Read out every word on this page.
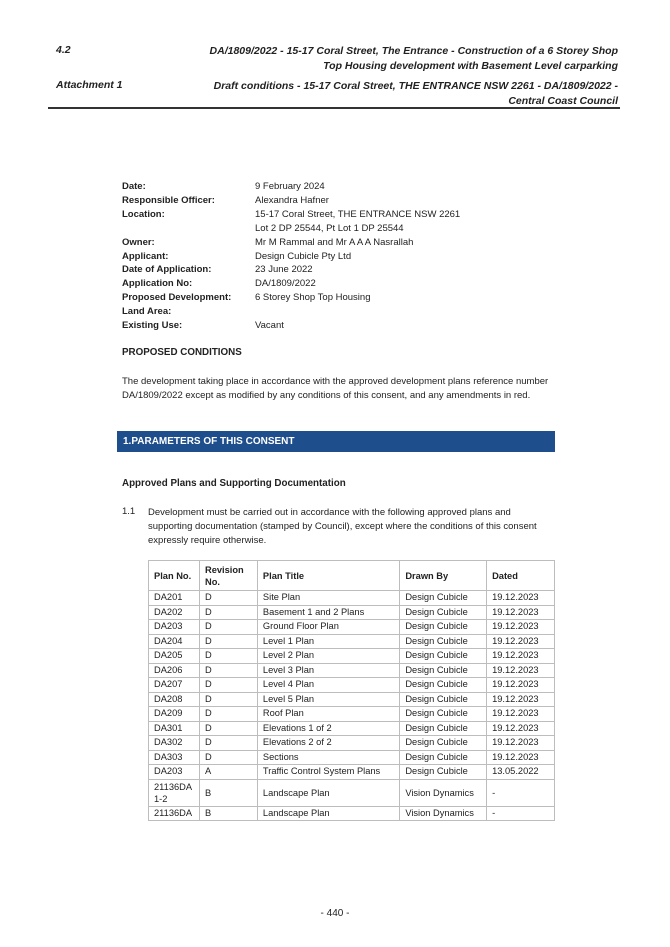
4.2	DA/1809/2022 - 15-17 Coral Street, The Entrance - Construction of a 6 Storey Shop
Top Housing development with Basement Level carparking
Attachment 1	Draft conditions - 15-17 Coral Street, THE ENTRANCE NSW 2261 - DA/1809/2022 -
Central Coast Council
Date:	9 February 2024
Responsible Officer:	Alexandra Hafner
Location:	15-17 Coral Street, THE ENTRANCE NSW 2261
Lot 2 DP 25544, Pt Lot 1 DP 25544
Owner:	Mr M Rammal and Mr A A A Nasrallah
Applicant:	Design Cubicle Pty Ltd
Date of Application:	23 June 2022
Application No:	DA/1809/2022
Proposed Development:	6 Storey Shop Top Housing
Land Area:
Existing Use:	Vacant
PROPOSED CONDITIONS
The development taking place in accordance with the approved development plans reference number DA/1809/2022 except as modified by any conditions of this consent, and any amendments in red.
1.PARAMETERS OF THIS CONSENT
Approved Plans and Supporting Documentation
1.1 Development must be carried out in accordance with the following approved plans and supporting documentation (stamped by Council), except where the conditions of this consent expressly require otherwise.
Plan No.	Revision No.	Plan Title	Drawn By	Dated
DA201	D	Site Plan	Design Cubicle	19.12.2023
DA202	D	Basement 1 and 2 Plans	Design Cubicle	19.12.2023
DA203	D	Ground Floor Plan	Design Cubicle	19.12.2023
DA204	D	Level 1 Plan	Design Cubicle	19.12.2023
DA205	D	Level 2 Plan	Design Cubicle	19.12.2023
DA206	D	Level 3 Plan	Design Cubicle	19.12.2023
DA207	D	Level 4 Plan	Design Cubicle	19.12.2023
DA208	D	Level 5 Plan	Design Cubicle	19.12.2023
DA209	D	Roof Plan	Design Cubicle	19.12.2023
DA301	D	Elevations 1 of 2	Design Cubicle	19.12.2023
DA302	D	Elevations 2 of 2	Design Cubicle	19.12.2023
DA303	D	Sections	Design Cubicle	19.12.2023
DA203	A	Traffic Control System Plans	Design Cubicle	13.05.2022
21136DA 1-2	B	Landscape Plan	Vision Dynamics	-
21136DA	B	Landscape Plan	Vision Dynamics	-
- 440 -
